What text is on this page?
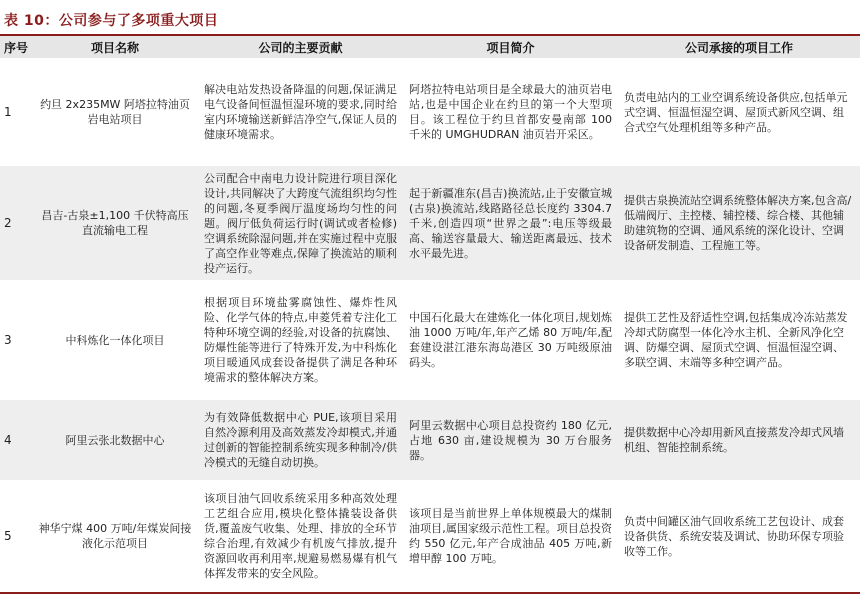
表 10：公司参与了多项重大项目
序号	项目名称	公司的主要贡献	项目简介	公司承接的项目工作
1	约旦 2x235MW 阿塔拉特油页岩电站项目	解决电站发热设备降温的问题,保证满足电气设备间恒温恒湿环境的要求,同时给室内环境输送新鲜洁净空气,保证人员的健康环境需求。	阿塔拉特电站项目是全球最大的油页岩电站,也是中国企业在约旦的第一个大型项目。该工程位于约旦首都安曼南部 100 千米的 UMGHUDRAN 油页岩开采区。	负责电站内的工业空调系统设备供应,包括单元式空调、恒温恒湿空调、屋顶式新风空调、组合式空气处理机组等多种产品。
2	昌吉-古泉±1,100 千伏特高压直流输电工程	公司配合中南电力设计院进行项目深化设计,共同解决了大跨度气流组织均匀性的问题,冬夏季阀厅温度场均匀性的问题。阀厅低负荷运行时(调试或者检修)空调系统除湿问题,并在实施过程中克服了高空作业等难点,保障了换流站的顺利投产运行。	起于新疆准东(昌吉)换流站,止于安徽宣城(古泉)换流站,线路路径总长度约 3304.7 千米,创造四项“世界之最”:电压等级最高、输送容量最大、输送距离最远、技术水平最先进。	提供古泉换流站空调系统整体解决方案,包含高/低端阀厅、主控楼、辅控楼、综合楼、其他辅助建筑物的空调、通风系统的深化设计、空调设备研发制造、工程施工等。
3	中科炼化一体化项目	根据项目环境盐雾腐蚀性、爆炸性风险、化学气体的特点,申菱凭着专注化工特种环境空调的经验,对设备的抗腐蚀、防爆性能等进行了特殊开发,为中科炼化项目暖通风成套设备提供了满足各种环境需求的整体解决方案。	中国石化最大在建炼化一体化项目,规划炼油 1000 万吨/年,年产乙烯 80 万吨/年,配套建设湛江港东海岛港区 30 万吨级原油码头。	提供工艺性及舒适性空调,包括集成冷冻站蒸发冷却式防腐型一体化冷水主机、全新风净化空调、防爆空调、屋顶式空调、恒温恒湿空调、多联空调、末端等多种空调产品。
4	阿里云张北数据中心	为有效降低数据中心 PUE,该项目采用自然冷源利用及高效蒸发冷却模式,并通过创新的智能控制系统实现多种制冷/供冷模式的无缝自动切换。	阿里云数据中心项目总投资约 180 亿元,占地 630 亩,建设规模为 30 万台服务器。	提供数据中心冷却用新风直接蒸发冷却式风墙机组、智能控制系统。
5	神华宁煤 400 万吨/年煤炭间接液化示范项目	该项目油气回收系统采用多种高效处理工艺组合应用,模块化整体撬装设备供货,覆盖废气收集、处理、排放的全环节综合治理,有效减少有机废气排放,提升资源回收再利用率,规避易燃易爆有机气体挥发带来的安全风险。	该项目是当前世界上单体规模最大的煤制油项目,属国家级示范性工程。项目总投资约 550 亿元,年产合成油品 405 万吨,新增甲醇 100 万吨。	负责中间罐区油气回收系统工艺包设计、成套设备供货、系统安装及调试、协助环保专项验收等工作。
